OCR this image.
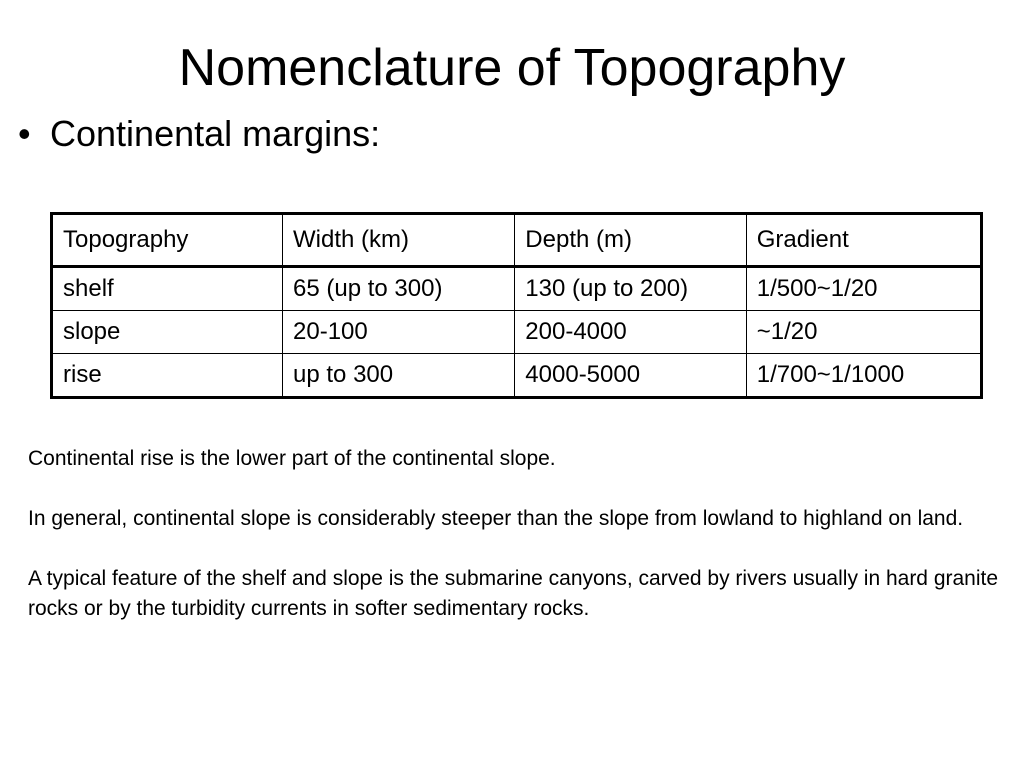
Nomenclature of Topography
• Continental margins:
Topography	Width (km)	Depth (m)	Gradient
shelf	65 (up to 300)	130 (up to 200)	1/500~1/20
slope	20-100	200-4000	~1/20
rise	up to 300	4000-5000	1/700~1/1000

Continental rise is the lower part of the continental slope.

In general, continental slope is considerably steeper than the slope from lowland to highland on land.

A typical feature of the shelf and slope is the submarine canyons, carved by rivers usually in hard granite rocks or by the turbidity currents in softer sedimentary rocks.
